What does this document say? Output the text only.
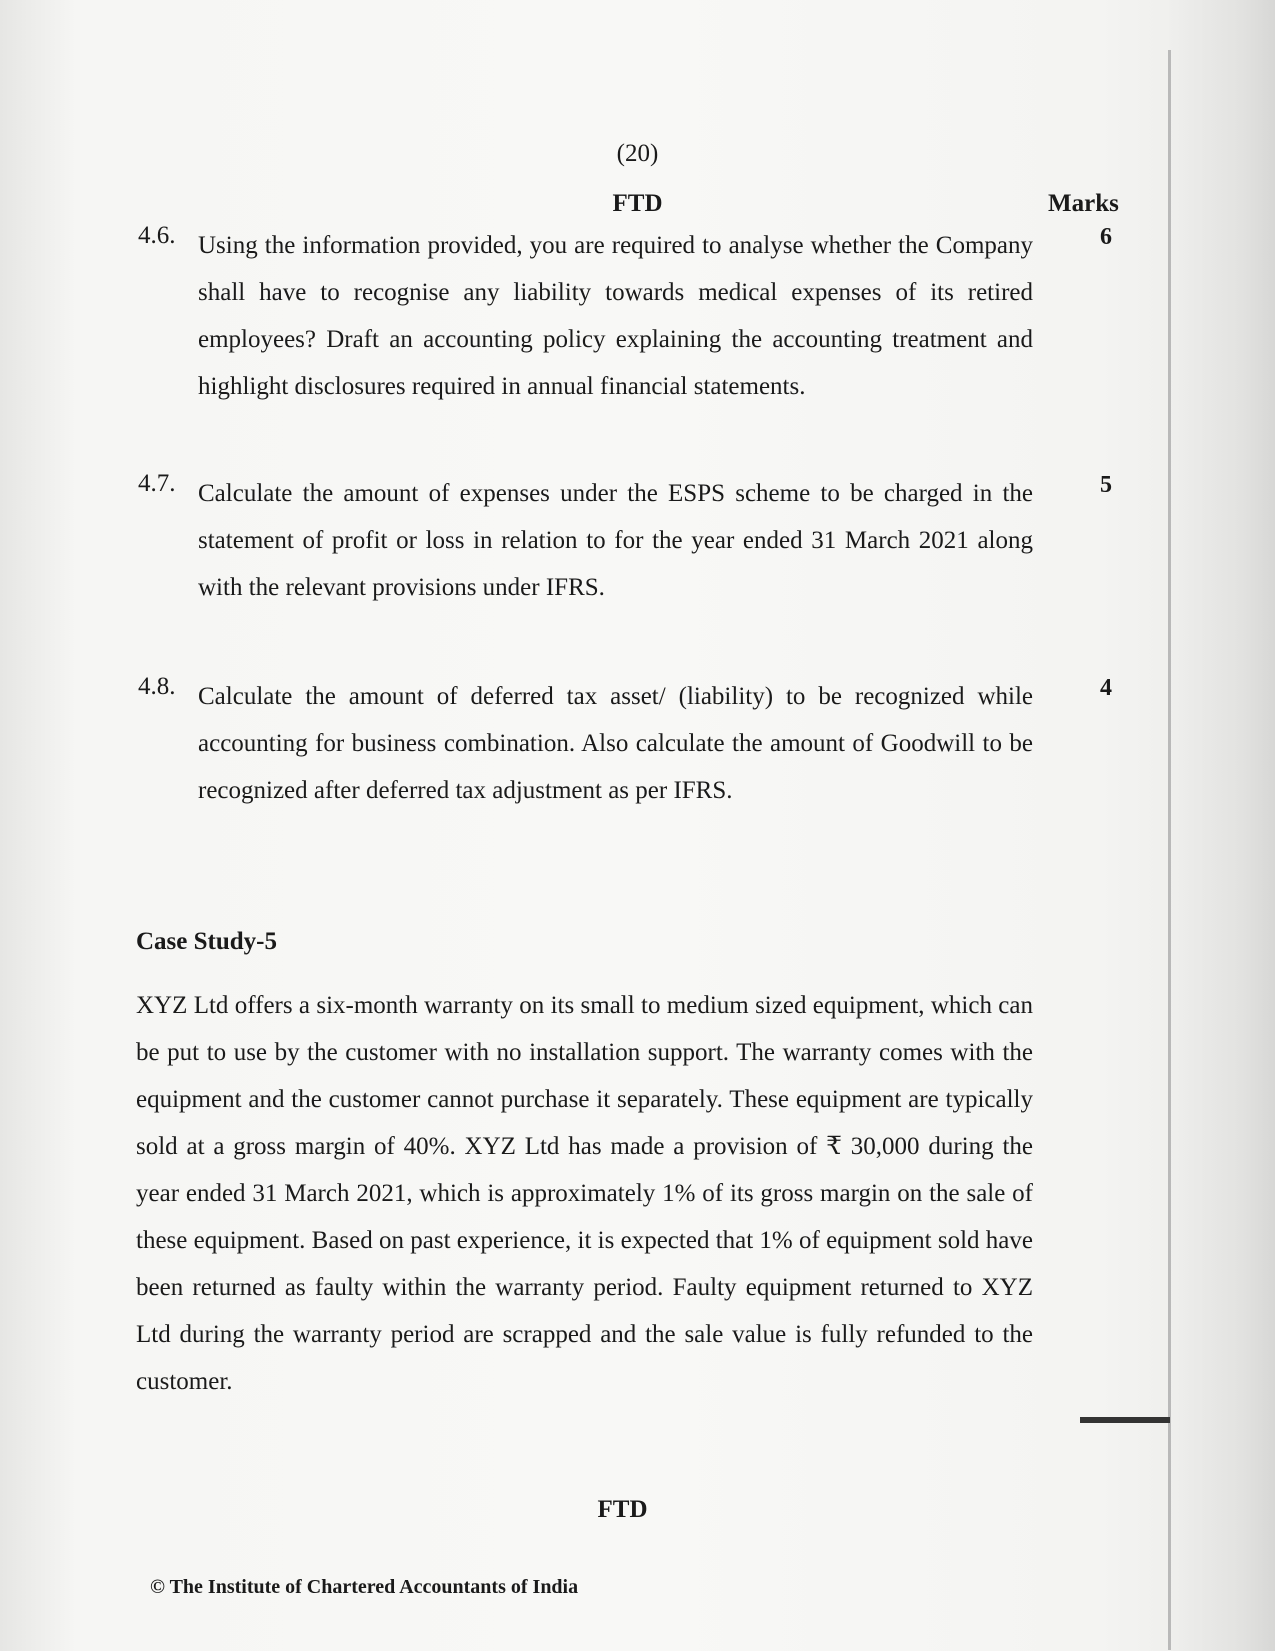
(20)
FTD	Marks
4.6. Using the information provided, you are required to analyse whether the Company shall have to recognise any liability towards medical expenses of its retired employees? Draft an accounting policy explaining the accounting treatment and highlight disclosures required in annual financial statements.
6
4.7. Calculate the amount of expenses under the ESPS scheme to be charged in the statement of profit or loss in relation to for the year ended 31 March 2021 along with the relevant provisions under IFRS.
5
4.8. Calculate the amount of deferred tax asset/ (liability) to be recognized while accounting for business combination. Also calculate the amount of Goodwill to be recognized after deferred tax adjustment as per IFRS.
4
Case Study-5
XYZ Ltd offers a six-month warranty on its small to medium sized equipment, which can be put to use by the customer with no installation support. The warranty comes with the equipment and the customer cannot purchase it separately. These equipment are typically sold at a gross margin of 40%. XYZ Ltd has made a provision of ₹ 30,000 during the year ended 31 March 2021, which is approximately 1% of its gross margin on the sale of these equipment. Based on past experience, it is expected that 1% of equipment sold have been returned as faulty within the warranty period. Faulty equipment returned to XYZ Ltd during the warranty period are scrapped and the sale value is fully refunded to the customer.
FTD
© The Institute of Chartered Accountants of India
